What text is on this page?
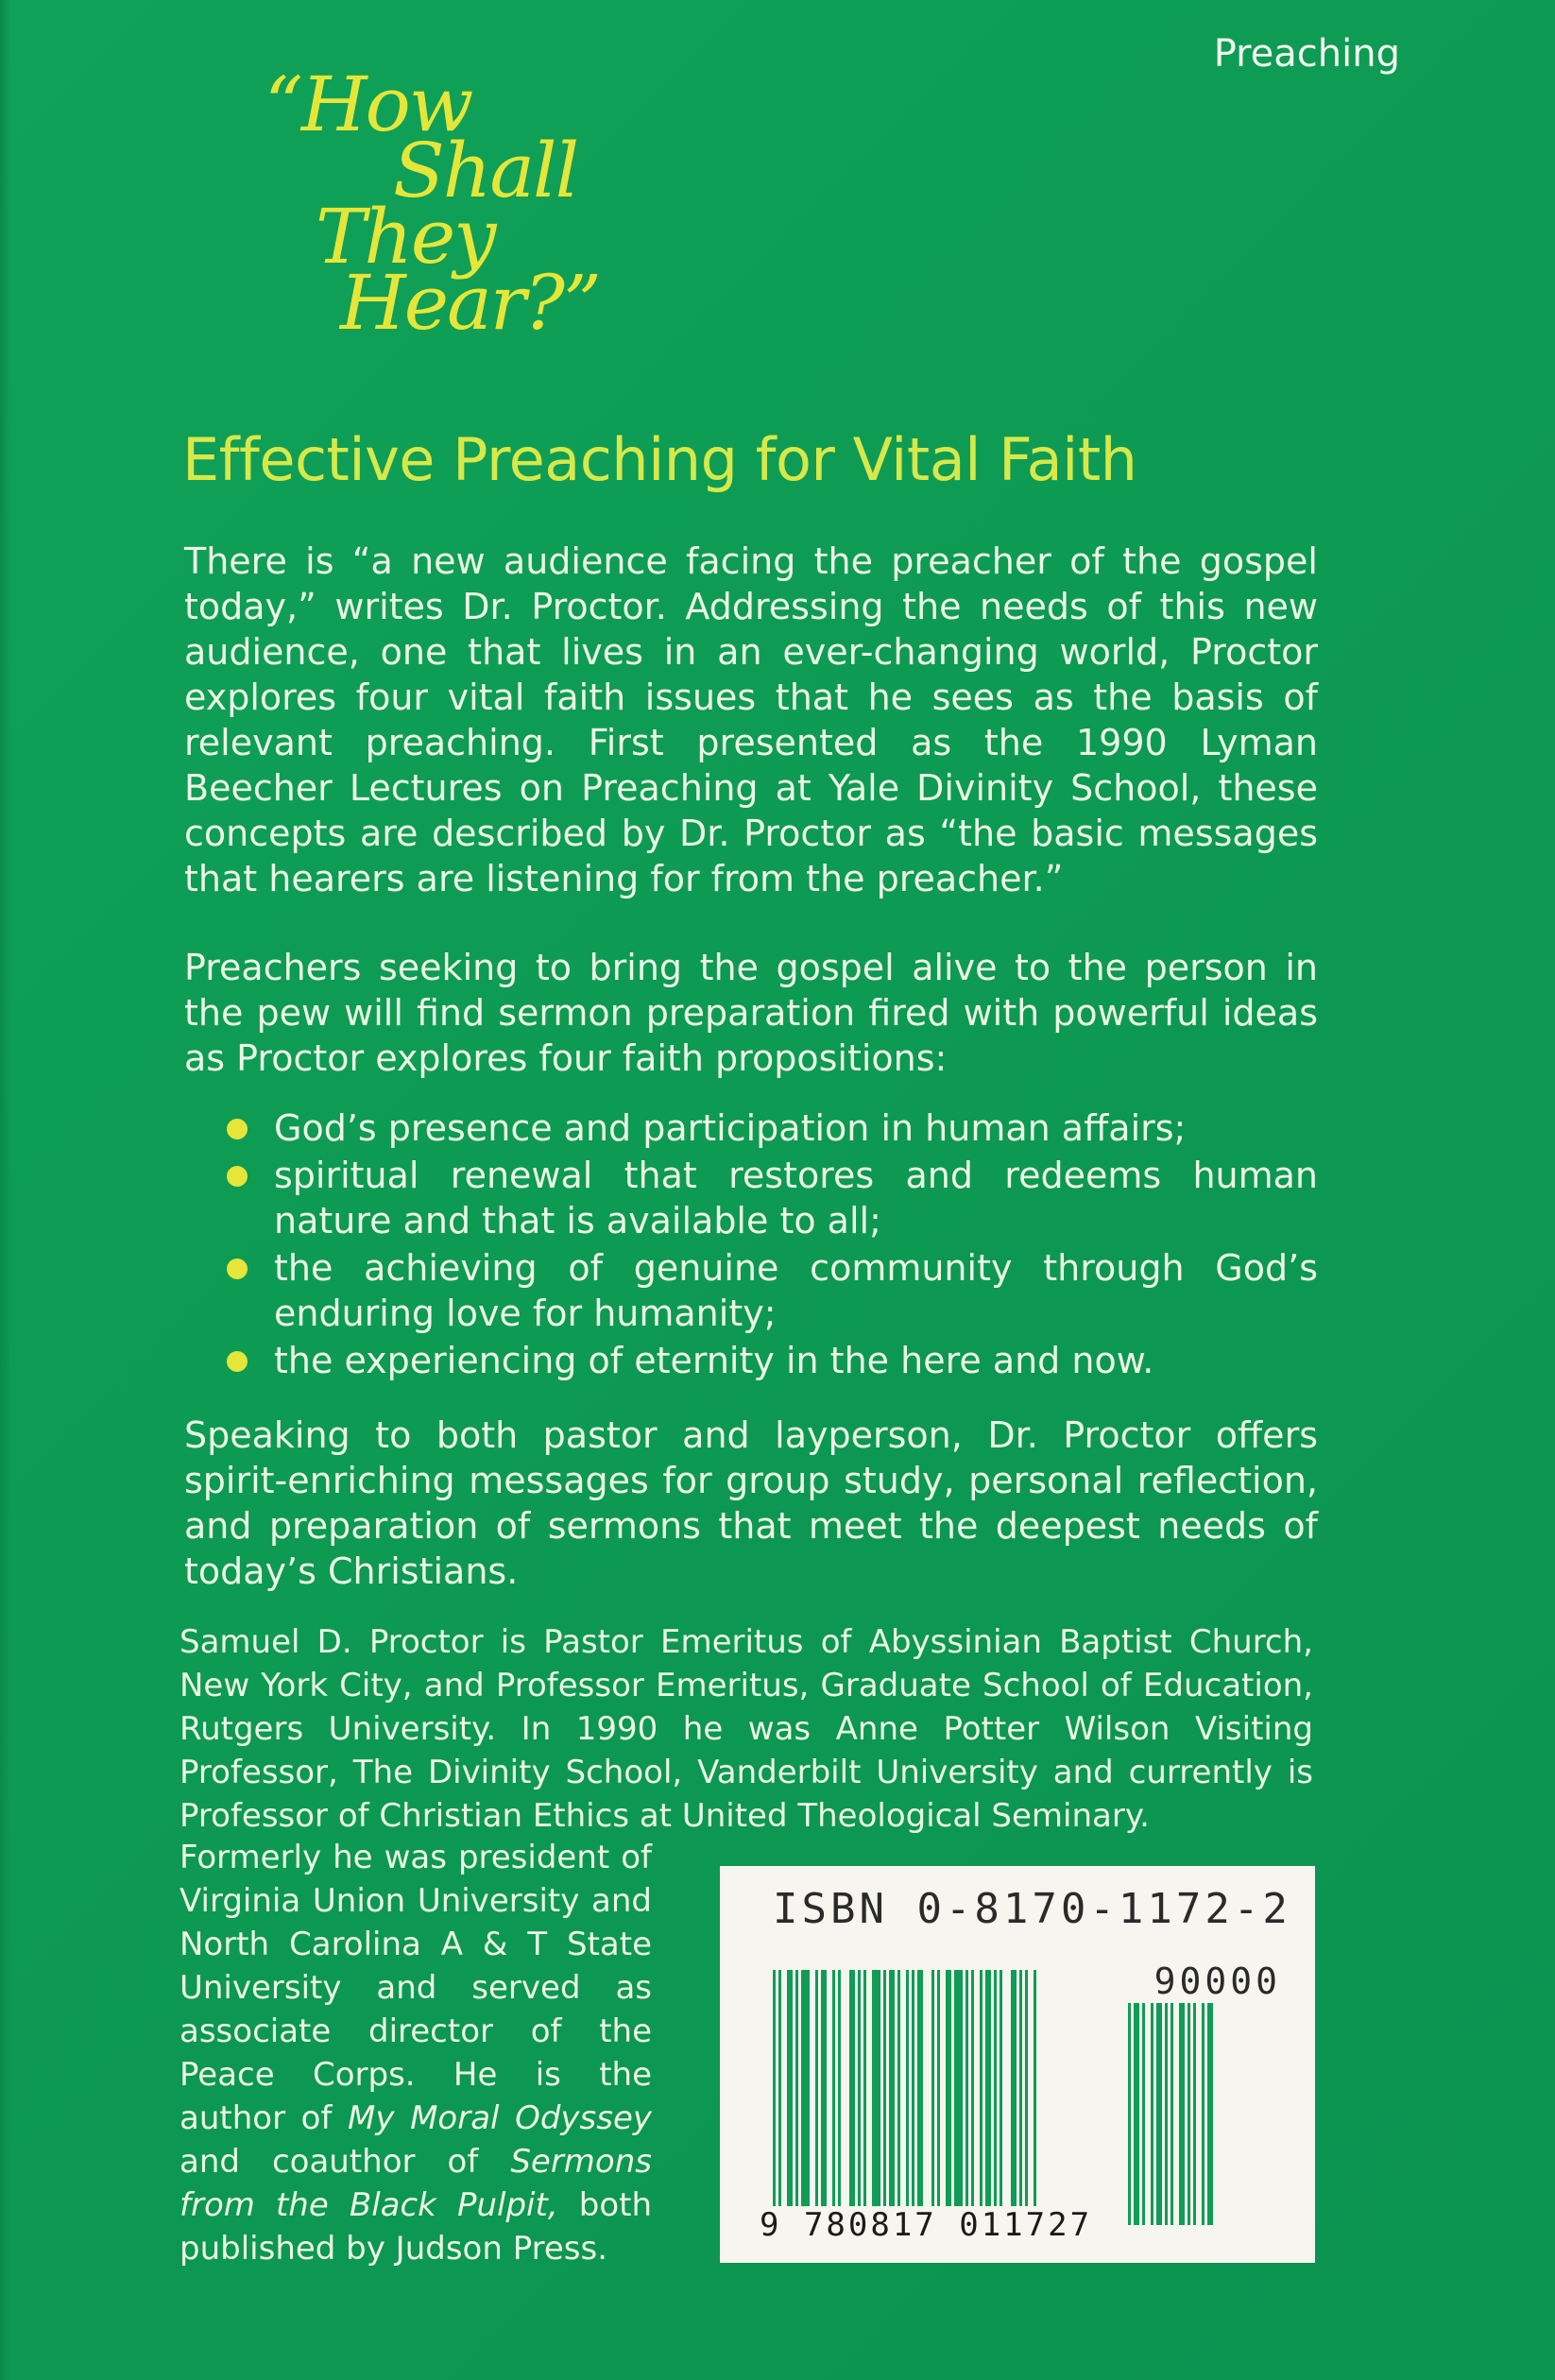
Preaching
“How
Shall
They
Hear?”
Effective Preaching for Vital Faith
There is “a new audience facing the preacher of the gospel today,” writes Dr. Proctor. Addressing the needs of this new audience, one that lives in an ever-changing world, Proctor explores four vital faith issues that he sees as the basis of relevant preaching. First presented as the 1990 Lyman Beecher Lectures on Preaching at Yale Divinity School, these concepts are described by Dr. Proctor as “the basic messages that hearers are listening for from the preacher.”
Preachers seeking to bring the gospel alive to the person in the pew will find sermon preparation fired with powerful ideas as Proctor explores four faith propositions:
God’s presence and participation in human affairs;
spiritual renewal that restores and redeems human nature and that is available to all;
the achieving of genuine community through God’s enduring love for humanity;
the experiencing of eternity in the here and now.
Speaking to both pastor and layperson, Dr. Proctor offers spirit-enriching messages for group study, personal reflection, and preparation of sermons that meet the deepest needs of today’s Christians.
Samuel D. Proctor is Pastor Emeritus of Abyssinian Baptist Church, New York City, and Professor Emeritus, Graduate School of Education, Rutgers University. In 1990 he was Anne Potter Wilson Visiting Professor, The Divinity School, Vanderbilt University and currently is Professor of Christian Ethics at United Theological Seminary.
Formerly he was president of Virginia Union University and North Carolina A & T State University and served as associate director of the Peace Corps. He is the author of My Moral Odyssey and coauthor of Sermons from the Black Pulpit, both published by Judson Press.
ISBN 0-8170-1172-2
90000
9 780817 011727
